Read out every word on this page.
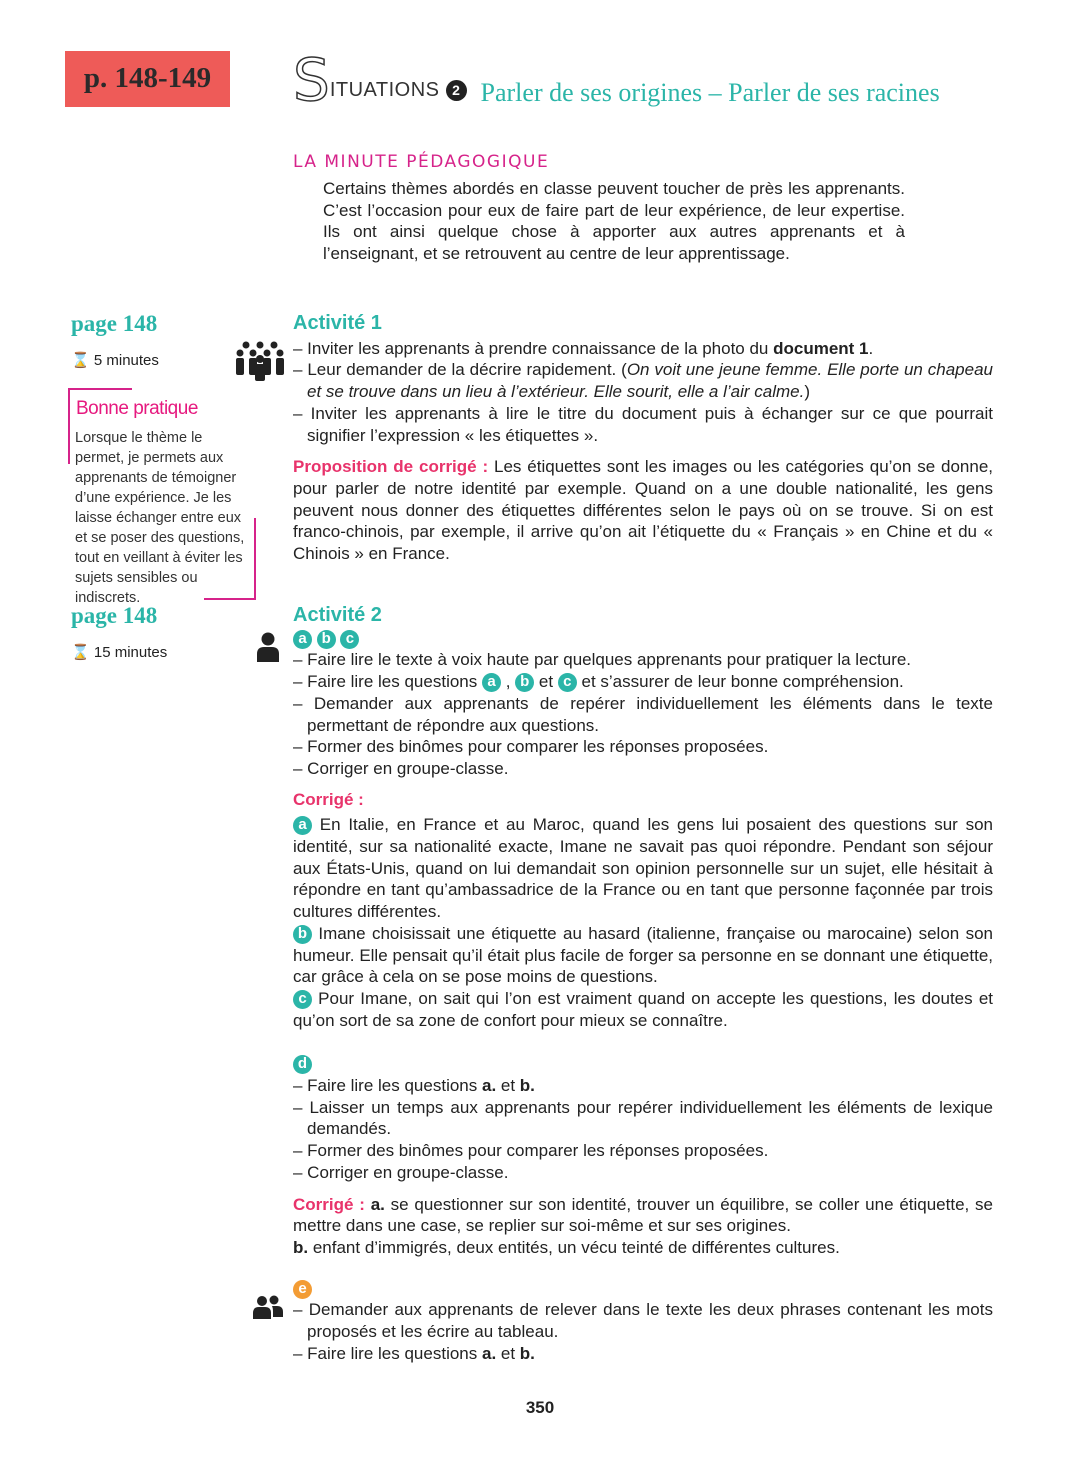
p. 148-149	S ITUATIONS 2 Parler de ses origines – Parler de ses racines
LA MINUTE PÉDAGOGIQUE
Certains thèmes abordés en classe peuvent toucher de près les apprenants. C’est l’occasion pour eux de faire part de leur expérience, de leur expertise. Ils ont ainsi quelque chose à apporter aux autres apprenants et à l’enseignant, et se retrouvent au centre de leur apprentissage.
page 148
⌛ 5 minutes
Bonne pratique

Lorsque le thème le permet, je permets aux apprenants de témoigner d’une expérience. Je les laisse échanger entre eux et se poser des questions, tout en veillant à éviter les sujets sensibles ou indiscrets.

page 148
⌛ 15 minutes
Activité 1
– Inviter les apprenants à prendre connaissance de la photo du document 1.
– Leur demander de la décrire rapidement. (On voit une jeune femme. Elle porte un chapeau et se trouve dans un lieu à l’extérieur. Elle sourit, elle a l’air calme.)
– Inviter les apprenants à lire le titre du document puis à échanger sur ce que pourrait signifier l’expression « les étiquettes ».

Proposition de corrigé : Les étiquettes sont les images ou les catégories qu’on se donne, pour parler de notre identité par exemple. Quand on a une double nationalité, les gens peuvent nous donner des étiquettes différentes selon le pays où on se trouve. Si on est franco-chinois, par exemple, il arrive qu’on ait l’étiquette du « Français » en Chine et du « Chinois » en France.

Activité 2
a b c
– Faire lire le texte à voix haute par quelques apprenants pour pratiquer la lecture.
– Faire lire les questions a , b et c et s’assurer de leur bonne compréhension.
– Demander aux apprenants de repérer individuellement les éléments dans le texte permettant de répondre aux questions.
– Former des binômes pour comparer les réponses proposées.
– Corriger en groupe-classe.

Corrigé :

a En Italie, en France et au Maroc, quand les gens lui posaient des questions sur son identité, sur sa nationalité exacte, Imane ne savait pas quoi répondre. Pendant son séjour aux États-Unis, quand on lui demandait son opinion personnelle sur un sujet, elle hésitait à répondre en tant qu’ambassadrice de la France ou en tant que personne façonnée par trois cultures différentes.

b Imane choisissait une étiquette au hasard (italienne, française ou marocaine) selon son humeur. Elle pensait qu’il était plus facile de forger sa personne en se donnant une étiquette, car grâce à cela on se pose moins de questions.

c Pour Imane, on sait qui l’on est vraiment quand on accepte les questions, les doutes et qu’on sort de sa zone de confort pour mieux se connaître.

d
– Faire lire les questions a. et b.
– Laisser un temps aux apprenants pour repérer individuellement les éléments de lexique demandés.
– Former des binômes pour comparer les réponses proposées.
– Corriger en groupe-classe.

Corrigé : a. se questionner sur son identité, trouver un équilibre, se coller une étiquette, se mettre dans une case, se replier sur soi-même et sur ses origines.

b. enfant d’immigrés, deux entités, un vécu teinté de différentes cultures.

e
– Demander aux apprenants de relever dans le texte les deux phrases contenant les mots proposés et les écrire au tableau.
– Faire lire les questions a. et b.
350
